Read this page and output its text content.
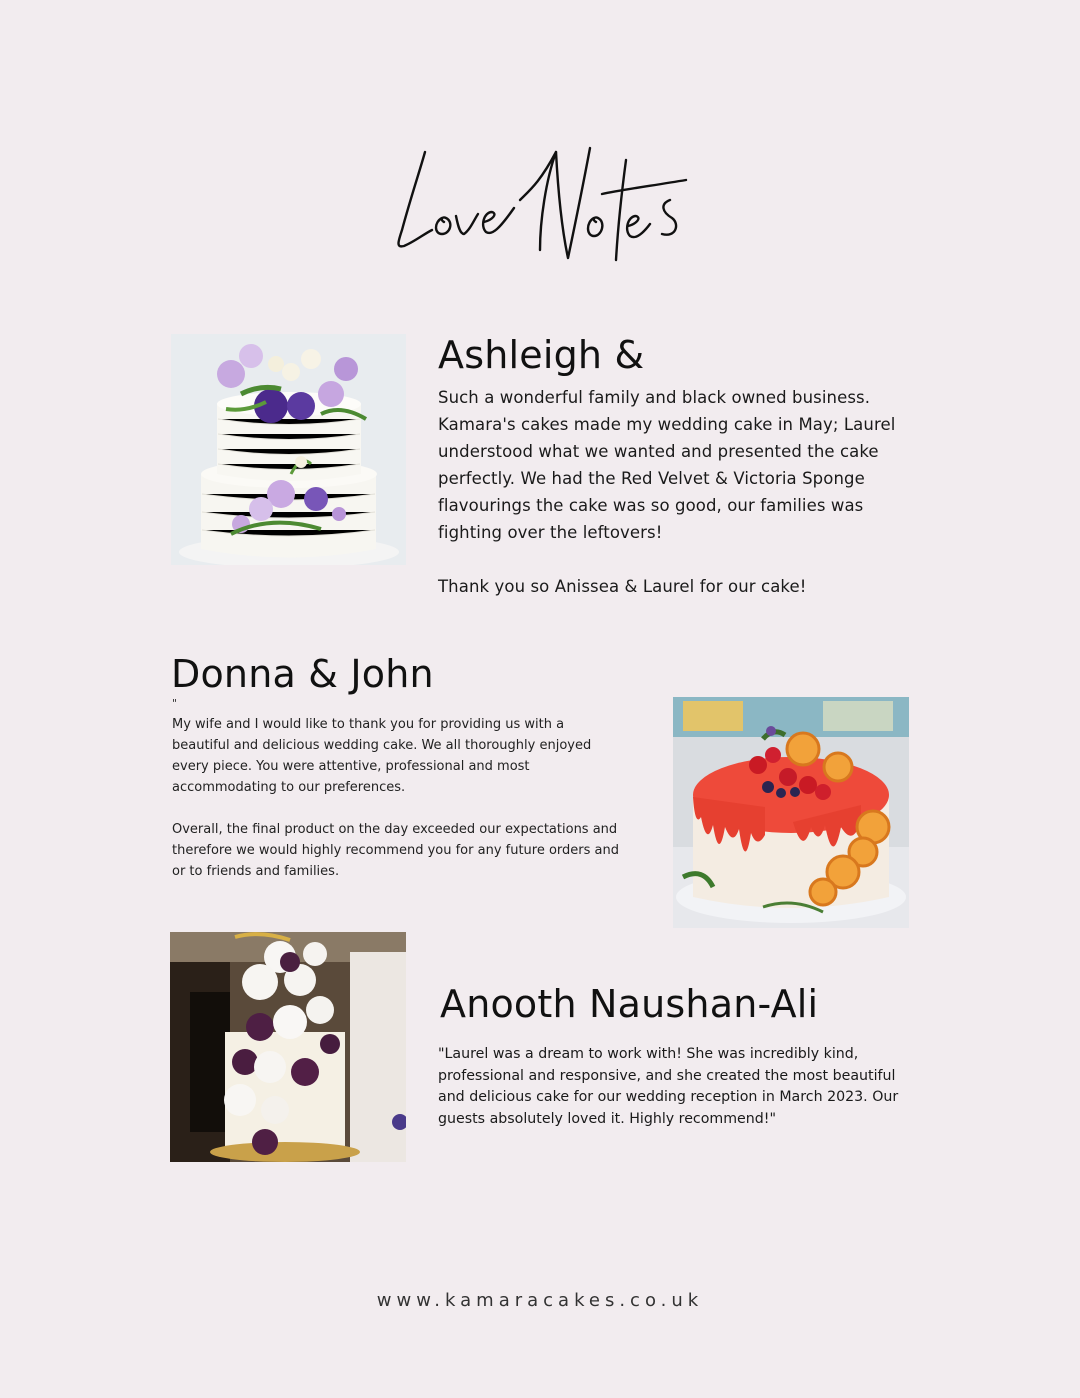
Ashleigh &
Such a wonderful family and black owned business. Kamara's cakes made my wedding cake in May; Laurel understood what we wanted and presented the cake perfectly. We had the Red Velvet & Victoria Sponge flavourings the cake was so good, our families was fighting over the leftovers!
Thank you so Anissea & Laurel for our cake!
Donna & John
"
My wife and I would like to thank you for providing us with a beautiful and delicious wedding cake. We all thoroughly enjoyed every piece. You were attentive, professional and most accommodating to our preferences.
Overall, the final product on the day exceeded our expectations and therefore we would highly recommend you for any future orders and or to friends and families.
Anooth Naushan-Ali
"Laurel was a dream to work with! She was incredibly kind, professional and responsive, and she created the most beautiful and delicious cake for our wedding reception in March 2023. Our guests absolutely loved it. Highly recommend!"
www.kamaracakes.co.uk
